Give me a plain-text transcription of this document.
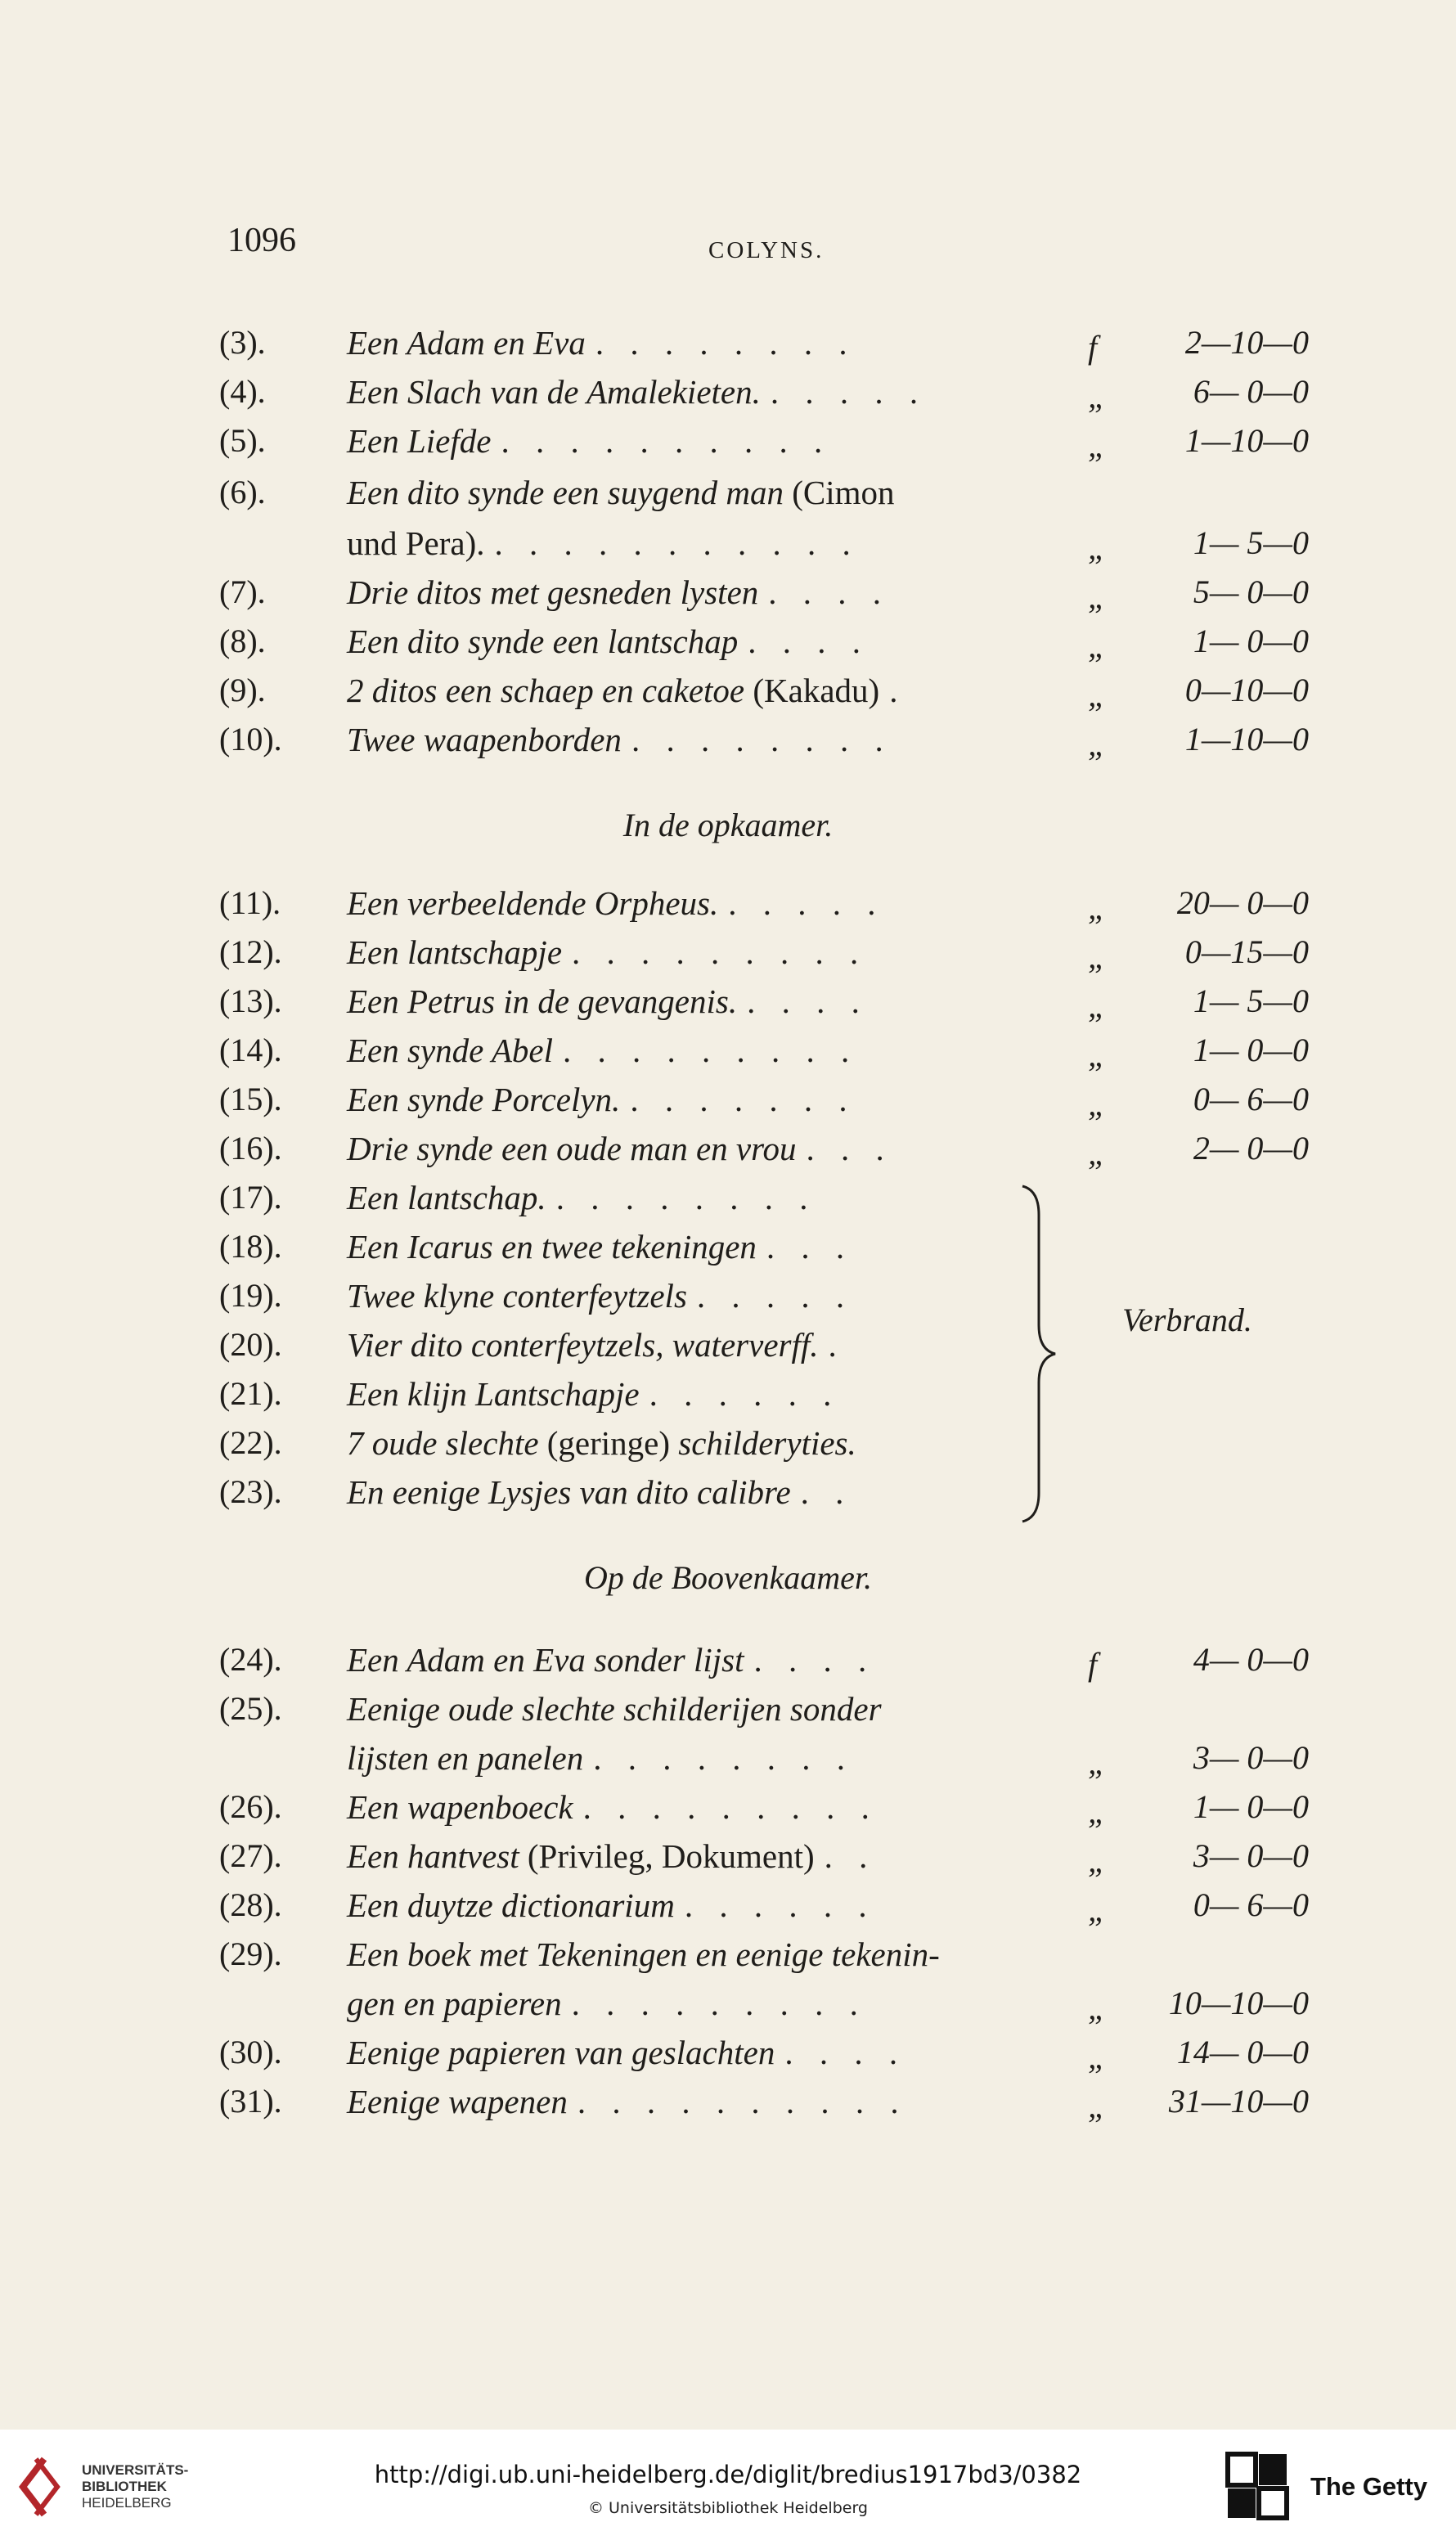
1096	COLYNS.
(3). Een Adam en Eva . . . . . . . .	f	2—10—0
(4). Een Slach van de Amalekieten. . . . . .	„	6— 0—0
(5). Een Liefde . . . . . . . . . .	„ 1—10—0
(6). Een dito synde een suygend man (Cimon
und Pera). . . . . . . . . . . .	„	1— 5—0
(7). Drie ditos met gesneden lysten . . . .	„	5— 0—0
(8). Een dito synde een lantschap . . . .	„	1— 0—0
(9). 2 ditos een schaep en caketoe (Kakadu) .	„ 0—10—0
(10). Twee waapenborden . . . . . . . .	„ 1—10—0
In de opkaamer.
(11). Een verbeeldende Orpheus. . . . . .	„ 20— 0—0
(12). Een lantschapje . . . . . . . . .	„ 0—15—0
(13). Een Petrus in de gevangenis. . . . .	„	1— 5—0
(14). Een synde Abel . . . . . . . . .	„	1— 0—0
(15). Een synde Porcelyn. . . . . . . .	„	0— 6—0
(16). Drie synde een oude man en vrou . . .	„	2— 0—0
(17). Een lantschap. . . . . . . . .
(18). Een Icarus en twee tekeningen . . .
(19). Twee klyne conterfeytzels . . . . .
(20). Vier dito conterfeytzels, waterverff. .
(21). Een klijn Lantschapje . . . . . .
(22). 7 oude slechte (geringe) schilderyties.
(23). En eenige Lysjes van dito calibre . .
Op de Boovenkaamer.
(24). Een Adam en Eva sonder lijst . . . .	f	4— 0—0
(25). Eenige oude slechte schilderijen sonder
lijsten en panelen . . . . . . . .	„	3— 0—0
(26). Een wapenboeck . . . . . . . . .	„	1— 0—0
(27). Een hantvest (Privileg, Dokument) . .	„	3— 0—0
(28). Een duytze dictionarium . . . . . .	„	0— 6—0
(29). Een boek met Tekeningen en eenige tekenin-
gen en papieren . . . . . . . . .	„ 10—10—0
(30). Eenige papieren van geslachten . . . .	„ 14— 0—0
(31). Eenige wapenen . . . . . . . . . .	„ 31—10—0
Verbrand.
UNIVERSITÄTS-
BIBLIOTHEK
HEIDELBERG
http://digi.ub.uni-heidelberg.de/diglit/bredius1917bd3/0382
© Universitätsbibliothek Heidelberg
The Getty
